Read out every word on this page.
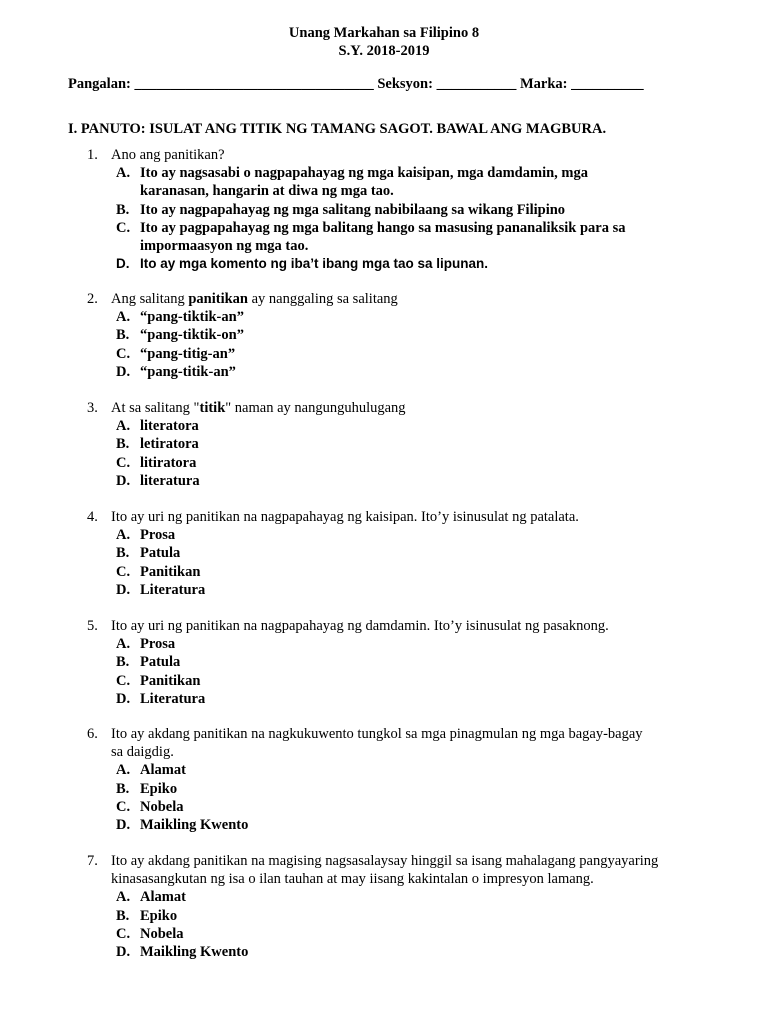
Unang Markahan sa Filipino 8
S.Y. 2018-2019
Pangalan: _________________________________ Seksyon: ___________ Marka: __________
I. PANUTO: ISULAT ANG TITIK NG TAMANG SAGOT. BAWAL ANG MAGBURA.
1. Ano ang panitikan?
A. Ito ay nagsasabi o nagpapahayag ng mga kaisipan, mga damdamin, mga karanasan, hangarin at diwa ng mga tao.
B. Ito ay nagpapahayag ng mga salitang nabibilaang sa wikang Filipino
C. Ito ay pagpapahayag ng mga balitang hango sa masusing pananaliksik para sa impormaasyon ng mga tao.
D. Ito ay mga komento ng iba’t ibang mga tao sa lipunan.
2. Ang salitang panitikan ay nanggaling sa salitang
A. “pang-tiktik-an”
B. “pang-tiktik-on”
C. “pang-titig-an”
D. “pang-titik-an”
3. At sa salitang "titik" naman ay nangunguhulugang
A. literatora
B. letiratora
C. litiratora
D. literatura
4. Ito ay uri ng panitikan na nagpapahayag ng kaisipan. Ito’y isinusulat ng patalata.
A. Prosa
B. Patula
C. Panitikan
D. Literatura
5. Ito ay uri ng panitikan na nagpapahayag ng damdamin. Ito’y isinusulat ng pasaknong.
A. Prosa
B. Patula
C. Panitikan
D. Literatura
6. Ito ay akdang panitikan na nagkukuwento tungkol sa mga pinagmulan ng mga bagay-bagay sa daigdig.
A. Alamat
B. Epiko
C. Nobela
D. Maikling Kwento
7. Ito ay akdang panitikan na magising nagsasalaysay hinggil sa isang mahalagang pangyayaring kinasasangkutan ng isa o ilan tauhan at may iisang kakintalan o impresyon lamang.
A. Alamat
B. Epiko
C. Nobela
D. Maikling Kwento
